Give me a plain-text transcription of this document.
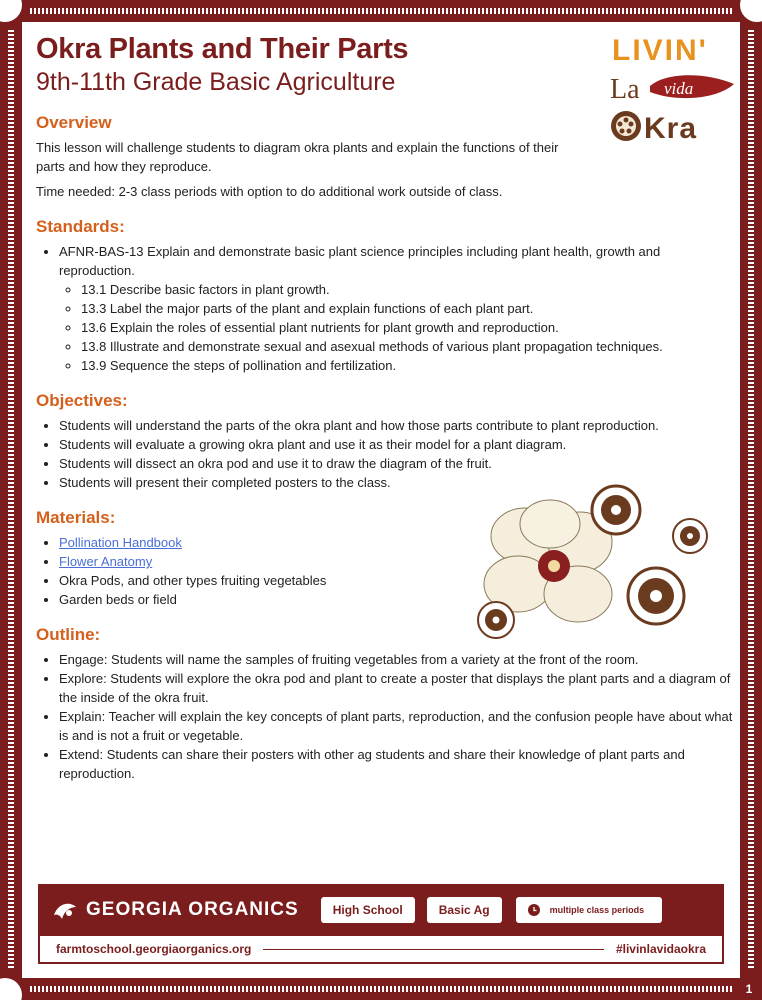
1
LIVIN'
La vida
Kra
Okra Plants and Their Parts
9th-11th Grade Basic Agriculture
Overview

This lesson will challenge students to diagram okra plants and explain the functions of their parts and how they reproduce.

Time needed: 2-3 class periods with option to do additional work outside of class.

Standards:
• AFNR-BAS-13 Explain and demonstrate basic plant science principles including plant health, growth and reproduction.
◦ 13.1 Describe basic factors in plant growth.
◦ 13.3 Label the major parts of the plant and explain functions of each plant part.
◦ 13.6 Explain the roles of essential plant nutrients for plant growth and reproduction.
◦ 13.8 Illustrate and demonstrate sexual and asexual methods of various plant propagation techniques.
◦ 13.9 Sequence the steps of pollination and fertilization.
Objectives:
• Students will understand the parts of the okra plant and how those parts contribute to plant reproduction.
• Students will evaluate a growing okra plant and use it as their model for a plant diagram.
• Students will dissect an okra pod and use it to draw the diagram of the fruit.
• Students will present their completed posters to the class.
Materials:
• Pollination Handbook
• Flower Anatomy
• Okra Pods, and other types fruiting vegetables
• Garden beds or field
Outline:
• Engage: Students will name the samples of fruiting vegetables from a variety at the front of the room.
• Explore: Students will explore the okra pod and plant to create a poster that displays the plant parts and a diagram of the inside of the okra fruit.
• Explain: Teacher will explain the key concepts of plant parts, reproduction, and the confusion people have about what is and is not a fruit or vegetable.
• Extend: Students can share their posters with other ag students and share their knowledge of plant parts and reproduction.
GEORGIA ORGANICS	High School	Basic Ag	multiple class periods
farmtoschool.georgiaorganics.org	#livinlavidaokra
